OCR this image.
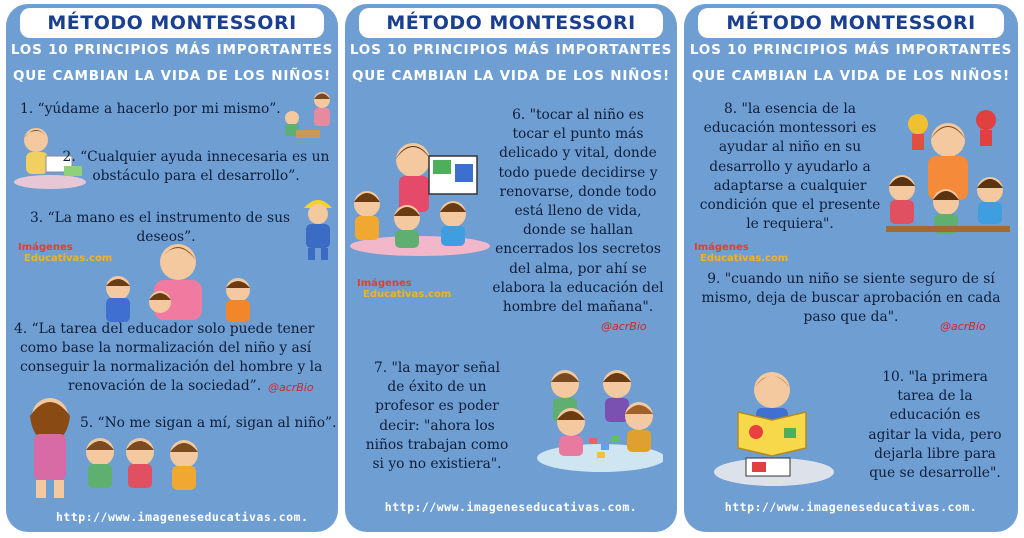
MÉTODO MONTESSORI
LOS 10 PRINCIPIOS MÁS IMPORTANTES
QUE CAMBIAN LA VIDA DE LOS NIÑOS!
1. “yúdame a hacerlo por mi mismo”.
2. “Cualquier ayuda innecesaria es un
obstáculo para el desarrollo”.
3. “La mano es el instrumento de sus
deseos”.
Imágenes
Educativas.com
4. “La tarea del educador solo puede tener
como base la normalización del niño y así
conseguir la normalización del hombre y la
renovación de la sociedad”. @acrBio
5. “No me sigan a mí, sigan al niño”.
http://www.imageneseducativas.com.
MÉTODO MONTESSORI
LOS 10 PRINCIPIOS MÁS IMPORTANTES
QUE CAMBIAN LA VIDA DE LOS NIÑOS!
6. "tocar al niño es
tocar el punto más
delicado y vital, donde
todo puede decidirse y
renovarse, donde todo
está lleno de vida,
donde se hallan
encerrados los secretos
del alma, por ahí se
elabora la educación del
hombre del mañana".
Imágenes
Educativas.com
@acrBio
7. "la mayor señal
de éxito de un
profesor es poder
decir: "ahora los
niños trabajan como
si yo no existiera".
http://www.imageneseducativas.com.
MÉTODO MONTESSORI
LOS 10 PRINCIPIOS MÁS IMPORTANTES
QUE CAMBIAN LA VIDA DE LOS NIÑOS!
8. "la esencia de la
educación montessori es
ayudar al niño en su
desarrollo y ayudarlo a
adaptarse a cualquier
condición que el presente
le requiera".
Imágenes
Educativas.com
9. "cuando un niño se siente seguro de sí
mismo, deja de buscar aprobación en cada
paso que da".
@acrBio
10. "la primera
tarea de la
educación es
agitar la vida, pero
dejarla libre para
que se desarrolle".
http://www.imageneseducativas.com.
